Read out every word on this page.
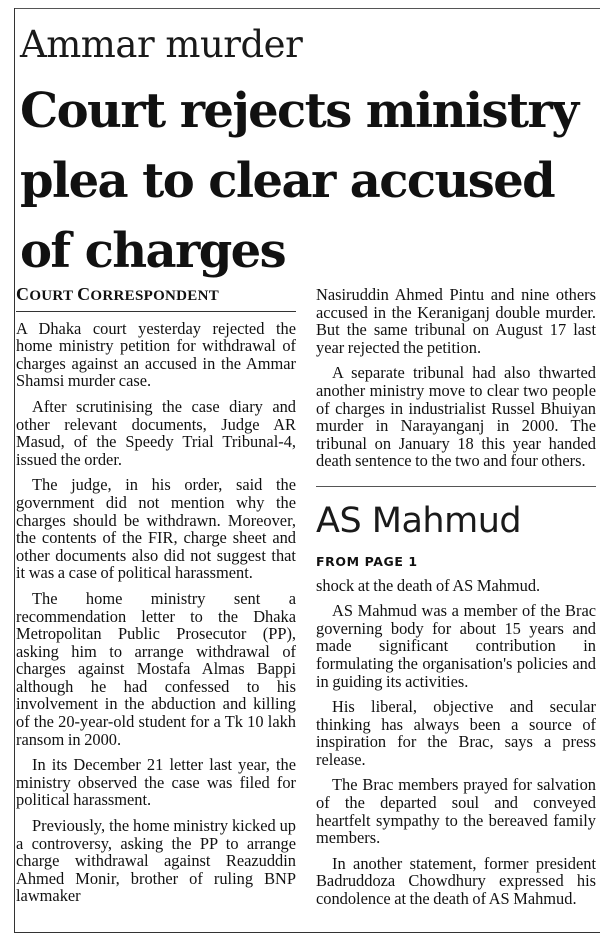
Ammar murder
Court rejects ministry plea to clear accused of charges
COURT CORRESPONDENT

A Dhaka court yesterday rejected the home ministry petition for withdrawal of charges against an accused in the Ammar Shamsi murder case.

After scrutinising the case diary and other relevant documents, Judge AR Masud, of the Speedy Trial Tribunal-4, issued the order.

The judge, in his order, said the government did not mention why the charges should be withdrawn. Moreover, the contents of the FIR, charge sheet and other documents also did not suggest that it was a case of political harassment.

The home ministry sent a recommendation letter to the Dhaka Metropolitan Public Prosecutor (PP), asking him to arrange withdrawal of charges against Mostafa Almas Bappi although he had confessed to his involvement in the abduction and killing of the 20-year-old student for a Tk 10 lakh ransom in 2000.

In its December 21 letter last year, the ministry observed the case was filed for political harassment.

Previously, the home ministry kicked up a controversy, asking the PP to arrange charge withdrawal against Reazuddin Ahmed Monir, brother of ruling BNP lawmaker

Nasiruddin Ahmed Pintu and nine others accused in the Keraniganj double murder. But the same tribunal on August 17 last year rejected the petition.

A separate tribunal had also thwarted another ministry move to clear two people of charges in industrialist Russel Bhuiyan murder in Narayanganj in 2000. The tribunal on January 18 this year handed death sentence to the two and four others.

AS Mahmud
FROM PAGE 1

shock at the death of AS Mahmud.

AS Mahmud was a member of the Brac governing body for about 15 years and made significant contribution in formulating the organisation's policies and in guiding its activities.

His liberal, objective and secular thinking has always been a source of inspiration for the Brac, says a press release.

The Brac members prayed for salvation of the departed soul and conveyed heartfelt sympathy to the bereaved family members.

In another statement, former president Badruddoza Chowdhury expressed his condolence at the death of AS Mahmud.
